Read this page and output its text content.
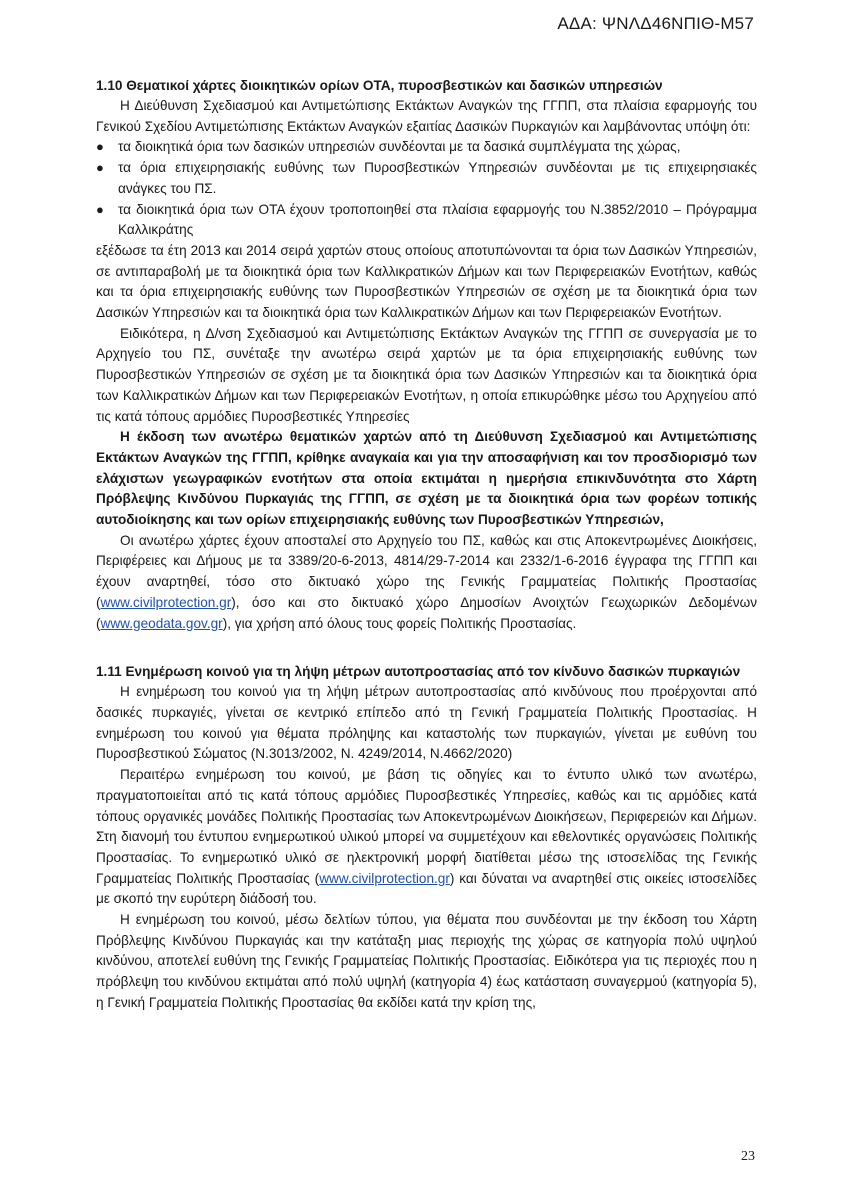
ΑΔΑ: ΨΝΛΔ46ΝΠΙΘ-Μ57
1.10 Θεματικοί χάρτες διοικητικών ορίων ΟΤΑ, πυροσβεστικών και δασικών υπηρεσιών

Η Διεύθυνση Σχεδιασμού και Αντιμετώπισης Εκτάκτων Αναγκών της ΓΓΠΠ, στα πλαίσια εφαρμογής του Γενικού Σχεδίου Αντιμετώπισης Εκτάκτων Αναγκών εξαιτίας Δασικών Πυρκαγιών και λαμβάνοντας υπόψη ότι:

●	τα διοικητικά όρια των δασικών υπηρεσιών συνδέονται με τα δασικά συμπλέγματα της χώρας,
●	τα όρια επιχειρησιακής ευθύνης των Πυροσβεστικών Υπηρεσιών συνδέονται με τις επιχειρησιακές ανάγκες του ΠΣ.
●	τα διοικητικά όρια των ΟΤΑ έχουν τροποποιηθεί στα πλαίσια εφαρμογής του Ν.3852/2010 – Πρόγραμμα Καλλικράτης

εξέδωσε τα έτη 2013 και 2014 σειρά χαρτών στους οποίους αποτυπώνονται τα όρια των Δασικών Υπηρεσιών, σε αντιπαραβολή με τα διοικητικά όρια των Καλλικρατικών Δήμων και των Περιφερειακών Ενοτήτων, καθώς και τα όρια επιχειρησιακής ευθύνης των Πυροσβεστικών Υπηρεσιών σε σχέση με τα διοικητικά όρια των Δασικών Υπηρεσιών και τα διοικητικά όρια των Καλλικρατικών Δήμων και των Περιφερειακών Ενοτήτων.

Ειδικότερα, η Δ/νση Σχεδιασμού και Αντιμετώπισης Εκτάκτων Αναγκών της ΓΓΠΠ σε συνεργασία με το Αρχηγείο του ΠΣ, συνέταξε την ανωτέρω σειρά χαρτών με τα όρια επιχειρησιακής ευθύνης των Πυροσβεστικών Υπηρεσιών σε σχέση με τα διοικητικά όρια των Δασικών Υπηρεσιών και τα διοικητικά όρια των Καλλικρατικών Δήμων και των Περιφερειακών Ενοτήτων, η οποία επικυρώθηκε μέσω του Αρχηγείου από τις κατά τόπους αρμόδιες Πυροσβεστικές Υπηρεσίες

Η έκδοση των ανωτέρω θεματικών χαρτών από τη Διεύθυνση Σχεδιασμού και Αντιμετώπισης Εκτάκτων Αναγκών της ΓΓΠΠ, κρίθηκε αναγκαία και για την αποσαφήνιση και τον προσδιορισμό των ελάχιστων γεωγραφικών ενοτήτων στα οποία εκτιμάται η ημερήσια επικινδυνότητα στο Χάρτη Πρόβλεψης Κινδύνου Πυρκαγιάς της ΓΓΠΠ, σε σχέση με τα διοικητικά όρια των φορέων τοπικής αυτοδιοίκησης και των ορίων επιχειρησιακής ευθύνης των Πυροσβεστικών Υπηρεσιών,

Οι ανωτέρω χάρτες έχουν αποσταλεί στο Αρχηγείο του ΠΣ, καθώς και στις Αποκεντρωμένες Διοικήσεις, Περιφέρειες και Δήμους με τα 3389/20-6-2013, 4814/29-7-2014 και 2332/1-6-2016 έγγραφα της ΓΓΠΠ και έχουν αναρτηθεί, τόσο στο δικτυακό χώρο της Γενικής Γραμματείας Πολιτικής Προστασίας (www.civilprotection.gr), όσο και στο δικτυακό χώρο Δημοσίων Ανοιχτών Γεωχωρικών Δεδομένων (www.geodata.gov.gr), για χρήση από όλους τους φορείς Πολιτικής Προστασίας.

1.11 Ενημέρωση κοινού για τη λήψη μέτρων αυτοπροστασίας από τον κίνδυνο δασικών πυρκαγιών

Η ενημέρωση του κοινού για τη λήψη μέτρων αυτοπροστασίας από κινδύνους που προέρχονται από δασικές πυρκαγιές, γίνεται σε κεντρικό επίπεδο από τη Γενική Γραμματεία Πολιτικής Προστασίας. Η ενημέρωση του κοινού για θέματα πρόληψης και καταστολής των πυρκαγιών, γίνεται με ευθύνη του Πυροσβεστικού Σώματος (Ν.3013/2002, Ν. 4249/2014, Ν.4662/2020)

Περαιτέρω ενημέρωση του κοινού, με βάση τις οδηγίες και το έντυπο υλικό των ανωτέρω, πραγματοποιείται από τις κατά τόπους αρμόδιες Πυροσβεστικές Υπηρεσίες, καθώς και τις αρμόδιες κατά τόπους οργανικές μονάδες Πολιτικής Προστασίας των Αποκεντρωμένων Διοικήσεων, Περιφερειών και Δήμων. Στη διανομή του έντυπου ενημερωτικού υλικού μπορεί να συμμετέχουν και εθελοντικές οργανώσεις Πολιτικής Προστασίας. Το ενημερωτικό υλικό σε ηλεκτρονική μορφή διατίθεται μέσω της ιστοσελίδας της Γενικής Γραμματείας Πολιτικής Προστασίας (www.civilprotection.gr) και δύναται να αναρτηθεί στις οικείες ιστοσελίδες με σκοπό την ευρύτερη διάδοσή του.

Η ενημέρωση του κοινού, μέσω δελτίων τύπου, για θέματα που συνδέονται με την έκδοση του Χάρτη Πρόβλεψης Κινδύνου Πυρκαγιάς και την κατάταξη μιας περιοχής της χώρας σε κατηγορία πολύ υψηλού κινδύνου, αποτελεί ευθύνη της Γενικής Γραμματείας Πολιτικής Προστασίας. Ειδικότερα για τις περιοχές που η πρόβλεψη του κινδύνου εκτιμάται από πολύ υψηλή (κατηγορία 4) έως κατάσταση συναγερμού (κατηγορία 5), η Γενική Γραμματεία Πολιτικής Προστασίας θα εκδίδει κατά την κρίση της,

23
